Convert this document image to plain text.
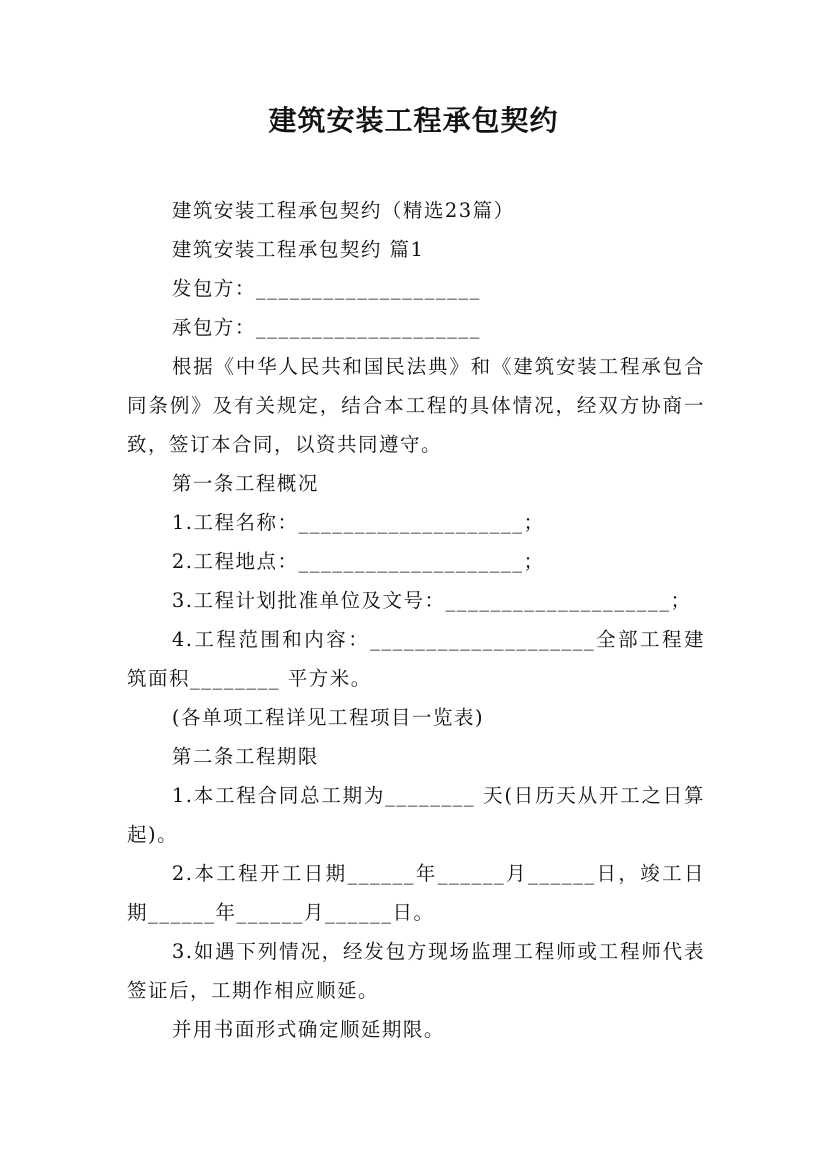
建筑安装工程承包契约

建筑安装工程承包契约（精选23篇）

建筑安装工程承包契约 篇1

发包方：____________________

承包方：____________________

根据《中华人民共和国民法典》和《建筑安装工程承包合同条例》及有关规定，结合本工程的具体情况，经双方协商一致，签订本合同，以资共同遵守。

第一条工程概况

1.工程名称：____________________；

2.工程地点：____________________；

3.工程计划批准单位及文号：____________________；

4.工程范围和内容：____________________全部工程建筑面积________ 平方米。

(各单项工程详见工程项目一览表)

第二条工程期限

1.本工程合同总工期为________ 天(日历天从开工之日算起)。

2.本工程开工日期______年______月______日，竣工日期______年______月______日。

3.如遇下列情况，经发包方现场监理工程师或工程师代表签证后，工期作相应顺延。

并用书面形式确定顺延期限。
